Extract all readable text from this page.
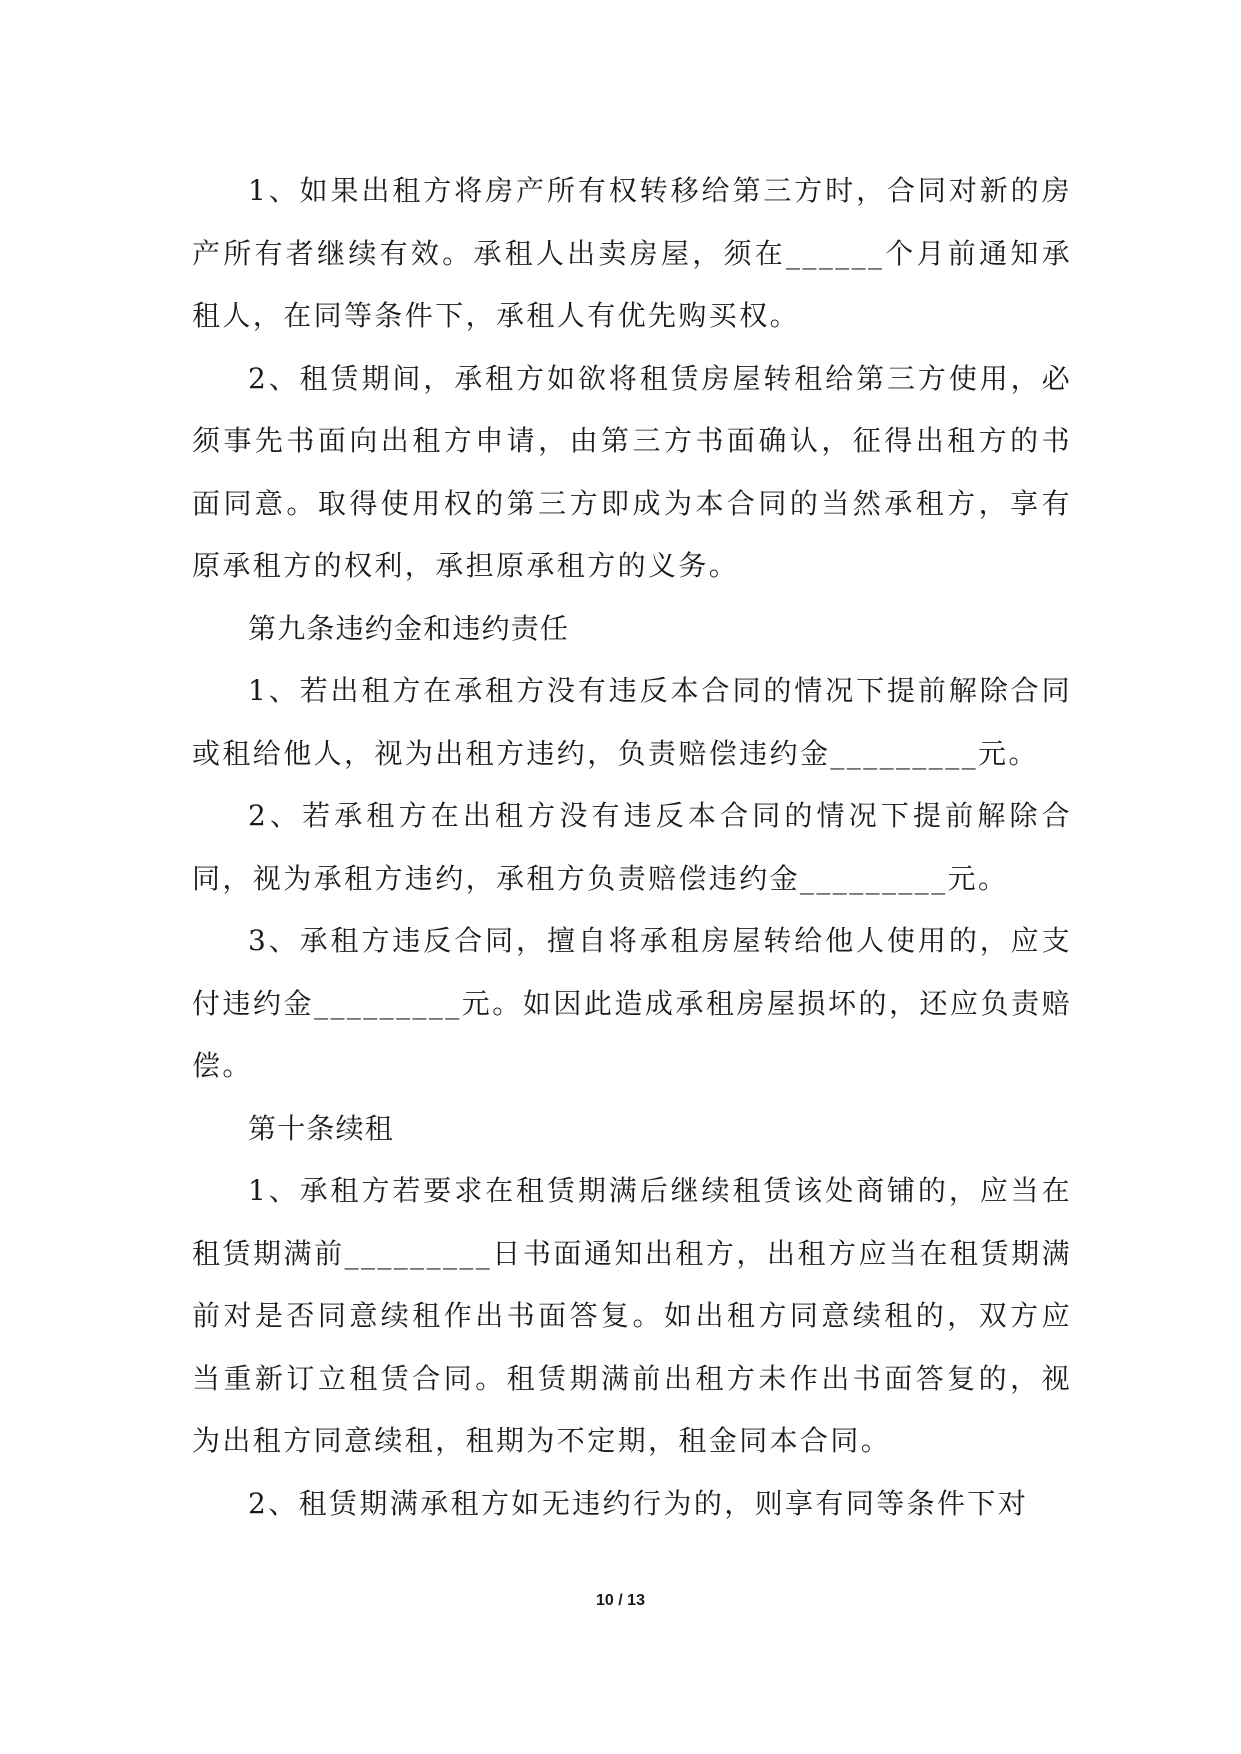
1、如果出租方将房产所有权转移给第三方时，合同对新的房产所有者继续有效。承租人出卖房屋，须在______个月前通知承租人，在同等条件下，承租人有优先购买权。

2、租赁期间，承租方如欲将租赁房屋转租给第三方使用，必须事先书面向出租方申请，由第三方书面确认，征得出租方的书面同意。取得使用权的第三方即成为本合同的当然承租方，享有原承租方的权利，承担原承租方的义务。

第九条违约金和违约责任

1、若出租方在承租方没有违反本合同的情况下提前解除合同或租给他人，视为出租方违约，负责赔偿违约金_________元。

2、若承租方在出租方没有违反本合同的情况下提前解除合同，视为承租方违约，承租方负责赔偿违约金_________元。

3、承租方违反合同，擅自将承租房屋转给他人使用的，应支付违约金_________元。如因此造成承租房屋损坏的，还应负责赔偿。

第十条续租

1、承租方若要求在租赁期满后继续租赁该处商铺的，应当在租赁期满前_________日书面通知出租方，出租方应当在租赁期满前对是否同意续租作出书面答复。如出租方同意续租的，双方应当重新订立租赁合同。租赁期满前出租方未作出书面答复的，视为出租方同意续租，租期为不定期，租金同本合同。

2、租赁期满承租方如无违约行为的，则享有同等条件下对

10 / 13
